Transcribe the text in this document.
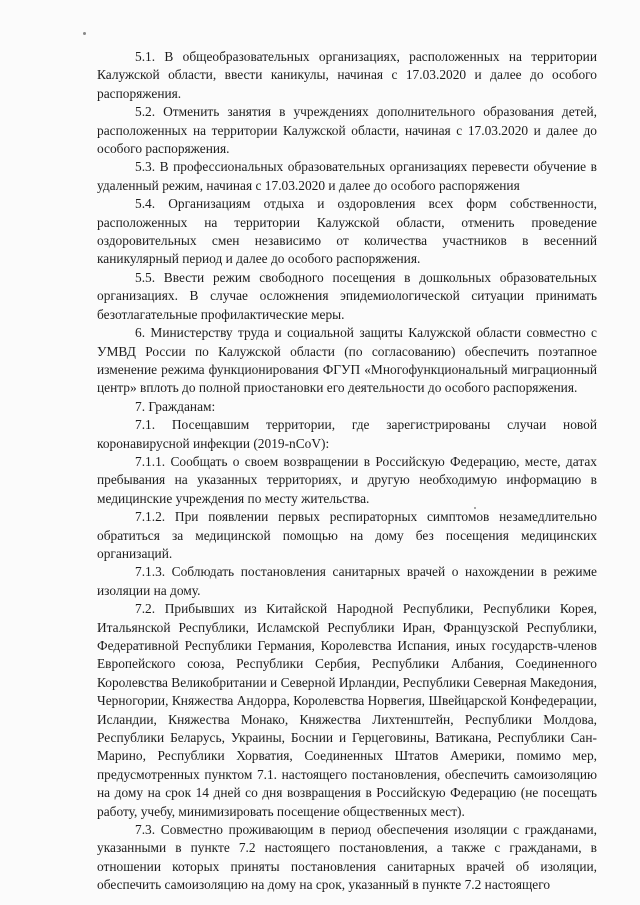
5.1. В общеобразовательных организациях, расположенных на территории Калужской области, ввести каникулы, начиная с 17.03.2020 и далее до особого распоряжения.

5.2. Отменить занятия в учреждениях дополнительного образования детей, расположенных на территории Калужской области, начиная с 17.03.2020 и далее до особого распоряжения.

5.3. В профессиональных образовательных организациях перевести обучение в удаленный режим, начиная с 17.03.2020 и далее до особого распоряжения

5.4. Организациям отдыха и оздоровления всех форм собственности, расположенных на территории Калужской области, отменить проведение оздоровительных смен независимо от количества участников в весенний каникулярный период и далее до особого распоряжения.

5.5. Ввести режим свободного посещения в дошкольных образовательных организациях. В случае осложнения эпидемиологической ситуации принимать безотлагательные профилактические меры.

6. Министерству труда и социальной защиты Калужской области совместно с УМВД России по Калужской области (по согласованию) обеспечить поэтапное изменение режима функционирования ФГУП «Многофункциональный миграционный центр» вплоть до полной приостановки его деятельности до особого распоряжения.

7. Гражданам:

7.1. Посещавшим территории, где зарегистрированы случаи новой коронавирусной инфекции (2019-nCoV):

7.1.1. Сообщать о своем возвращении в Российскую Федерацию, месте, датах пребывания на указанных территориях, и другую необходимую информацию в медицинские учреждения по месту жительства.

7.1.2. При появлении первых респираторных симптомов незамедлительно обратиться за медицинской помощью на дому без посещения медицинских организаций.

7.1.3. Соблюдать постановления санитарных врачей о нахождении в режиме изоляции на дому.

7.2. Прибывших из Китайской Народной Республики, Республики Корея, Итальянской Республики, Исламской Республики Иран, Французской Республики, Федеративной Республики Германия, Королевства Испания, иных государств-членов Европейского союза, Республики Сербия, Республики Албания, Соединенного Королевства Великобритании и Северной Ирландии, Республики Северная Македония, Черногории, Княжества Андорра, Королевства Норвегия, Швейцарской Конфедерации, Исландии, Княжества Монако, Княжества Лихтенштейн, Республики Молдова, Республики Беларусь, Украины, Боснии и Герцеговины, Ватикана, Республики Сан-Марино, Республики Хорватия, Соединенных Штатов Америки, помимо мер, предусмотренных пунктом 7.1. настоящего постановления, обеспечить самоизоляцию на дому на срок 14 дней со дня возвращения в Российскую Федерацию (не посещать работу, учебу, минимизировать посещение общественных мест).

7.3. Совместно проживающим в период обеспечения изоляции с гражданами, указанными в пункте 7.2 настоящего постановления, а также с гражданами, в отношении которых приняты постановления санитарных врачей об изоляции, обеспечить самоизоляцию на дому на срок, указанный в пункте 7.2 настоящего
